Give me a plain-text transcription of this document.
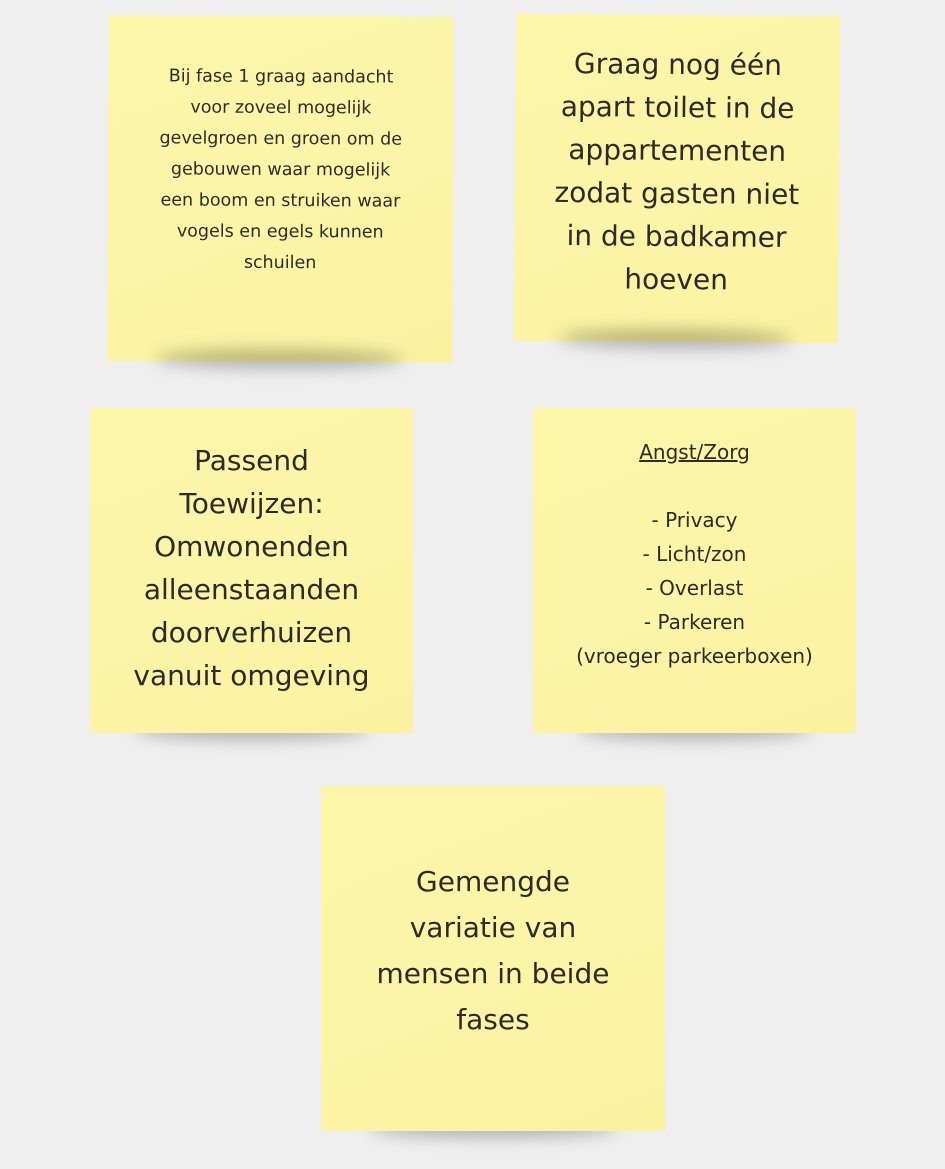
Bij fase 1 graag aandacht
voor zoveel mogelijk
gevelgroen en groen om de
gebouwen waar mogelijk
een boom en struiken waar
vogels en egels kunnen
schuilen
Graag nog één
apart toilet in de
appartementen
zodat gasten niet
in de badkamer
hoeven
Passend
Toewijzen:
Omwonenden
alleenstaanden
doorverhuizen
vanuit omgeving

Angst/Zorg

- Privacy
- Licht/zon
- Overlast
- Parkeren
(vroeger parkeerboxen)

Gemengde
variatie van
mensen in beide
fases
